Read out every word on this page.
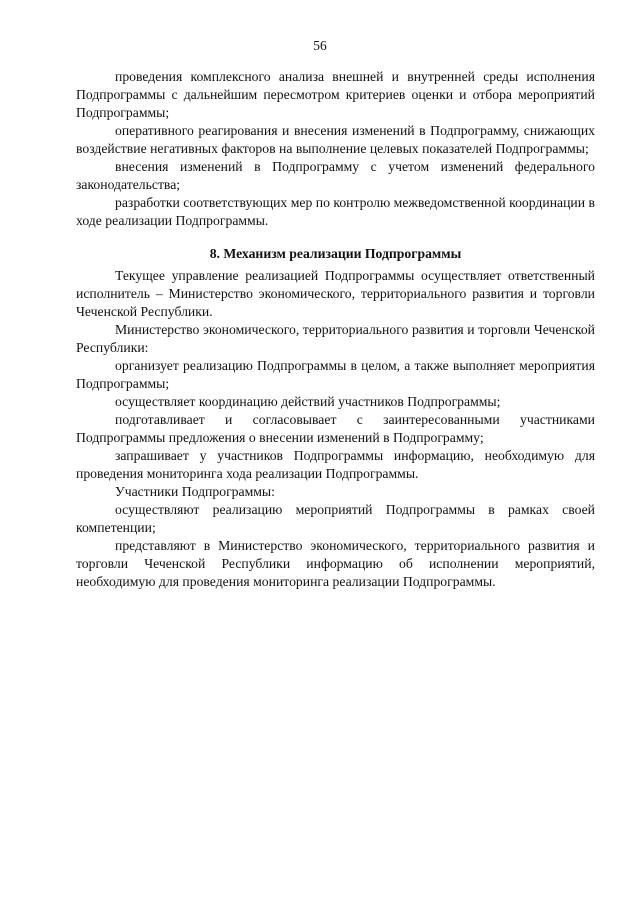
56

проведения комплексного анализа внешней и внутренней среды исполнения Подпрограммы с дальнейшим пересмотром критериев оценки и отбора мероприятий Подпрограммы;

оперативного реагирования и внесения изменений в Подпрограмму, снижающих воздействие негативных факторов на выполнение целевых показателей Подпрограммы;

внесения изменений в Подпрограмму с учетом изменений федерального законодательства;

разработки соответствующих мер по контролю межведомственной координации в ходе реализации Подпрограммы.

8. Механизм реализации Подпрограммы

Текущее управление реализацией Подпрограммы осуществляет ответственный исполнитель – Министерство экономического, территориального развития и торговли Чеченской Республики.

Министерство экономического, территориального развития и торговли Чеченской Республики:

организует реализацию Подпрограммы в целом, а также выполняет мероприятия Подпрограммы;

осуществляет координацию действий участников Подпрограммы;

подготавливает и согласовывает с заинтересованными участниками Подпрограммы предложения о внесении изменений в Подпрограмму;

запрашивает у участников Подпрограммы информацию, необходимую для проведения мониторинга хода реализации Подпрограммы.

Участники Подпрограммы:

осуществляют реализацию мероприятий Подпрограммы в рамках своей компетенции;

представляют в Министерство экономического, территориального развития и торговли Чеченской Республики информацию об исполнении мероприятий, необходимую для проведения мониторинга реализации Подпрограммы.
